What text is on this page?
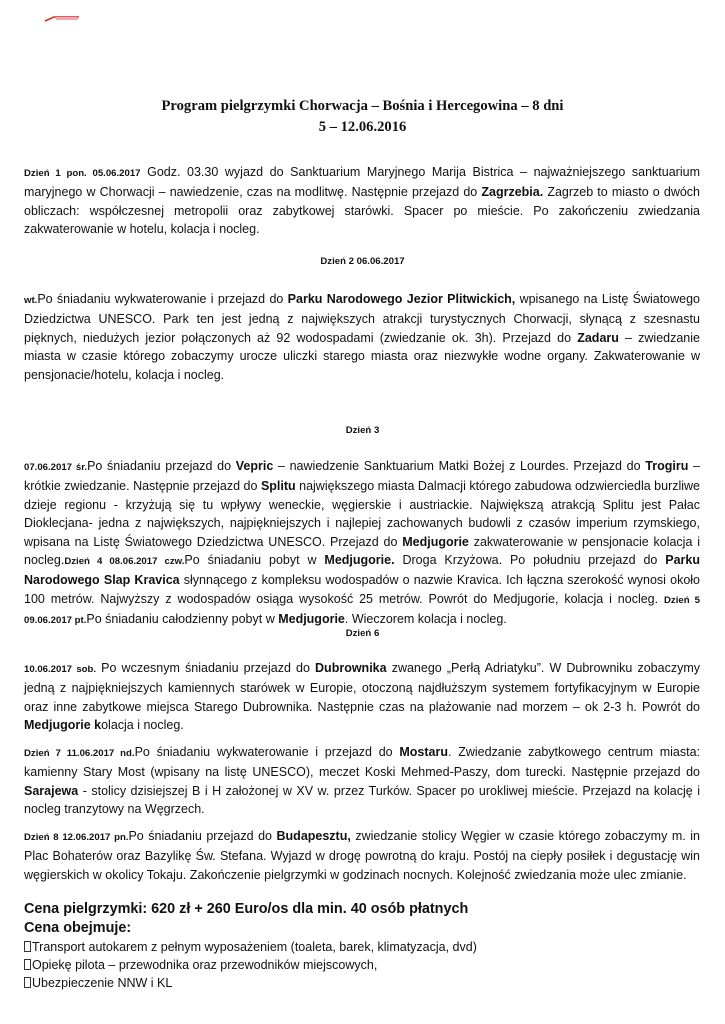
Program pielgrzymki Chorwacja – Bośnia i Hercegowina – 8 dni
5 – 12.06.2016

Dzień 1 pon. 05.06.2017 Godz. 03.30 wyjazd do Sanktuarium Maryjnego Marija Bistrica – najważniejszego sanktuarium maryjnego w Chorwacji – nawiedzenie, czas na modlitwę. Następnie przejazd do Zagrzebia. Zagrzeb to miasto o dwóch obliczach: współczesnej metropolii oraz zabytkowej starówki. Spacer po mieście. Po zakończeniu zwiedzania zakwaterowanie w hotelu, kolacja i nocleg.

Dzień 2 06.06.2017

wt.Po śniadaniu wykwaterowanie i przejazd do Parku Narodowego Jezior Plitwickich, wpisanego na Listę Światowego Dziedzictwa UNESCO. Park ten jest jedną z największych atrakcji turystycznych Chorwacji, słynącą z szesnastu pięknych, niedużych jezior połączonych aż 92 wodospadami (zwiedzanie ok. 3h). Przejazd do Zadaru – zwiedzanie miasta w czasie którego zobaczymy urocze uliczki starego miasta oraz niezwykłe wodne organy. Zakwaterowanie w pensjonacie/hotelu, kolacja i nocleg.

Dzień 3

07.06.2017 śr.Po śniadaniu przejazd do Vepric – nawiedzenie Sanktuarium Matki Bożej z Lourdes. Przejazd do Trogiru – krótkie zwiedzanie. Następnie przejazd do Splitu największego miasta Dalmacji którego zabudowa odzwierciedla burzliwe dzieje regionu - krzyżują się tu wpływy weneckie, węgierskie i austriackie. Największą atrakcją Splitu jest Pałac Dioklecjana- jedna z największych, najpiękniejszych i najlepiej zachowanych budowli z czasów imperium rzymskiego, wpisana na Listę Światowego Dziedzictwa UNESCO. Przejazd do Medjugorie zakwaterowanie w pensjonacie kolacja i nocleg.Dzień 4 08.06.2017 czw.Po śniadaniu pobyt w Medjugorie. Droga Krzyżowa. Po południu przejazd do Parku Narodowego Slap Kravica słynnącego z kompleksu wodospadów o nazwie Kravica. Ich łączna szerokość wynosi około 100 metrów. Najwyższy z wodospadów osiąga wysokość 25 metrów. Powrót do Medjugorie, kolacja i nocleg. Dzień 5 09.06.2017 pt.Po śniadaniu całodzienny pobyt w Medjugorie. Wieczorem kolacja i nocleg.

Dzień 6

10.06.2017 sob. Po wczesnym śniadaniu przejazd do Dubrownika zwanego „Perłą Adriatyku”. W Dubrowniku zobaczymy jedną z najpiękniejszych kamiennych starówek w Europie, otoczoną najdłuższym systemem fortyfikacyjnym w Europie oraz inne zabytkowe miejsca Starego Dubrownika. Następnie czas na plażowanie nad morzem – ok 2-3 h. Powrót do Medjugorie kolacja i nocleg.

Dzień 7 11.06.2017 nd.Po śniadaniu wykwaterowanie i przejazd do Mostaru. Zwiedzanie zabytkowego centrum miasta: kamienny Stary Most (wpisany na listę UNESCO), meczet Koski Mehmed-Paszy, dom turecki. Następnie przejazd do Sarajewa - stolicy dzisiejszej B i H założonej w XV w. przez Turków. Spacer po urokliwej mieście. Przejazd na kolację i nocleg tranzytowy na Węgrzech.

Dzień 8 12.06.2017 pn.Po śniadaniu przejazd do Budapesztu, zwiedzanie stolicy Węgier w czasie którego zobaczymy m. in Plac Bohaterów oraz Bazylikę Św. Stefana. Wyjazd w drogę powrotną do kraju. Postój na ciepły posiłek i degustację win węgierskich w okolicy Tokaju. Zakończenie pielgrzymki w godzinach nocnych. Kolejność zwiedzania może ulec zmianie.

Cena pielgrzymki: 620 zł + 260 Euro/os dla min. 40 osób płatnych
Cena obejmuje:
Transport autokarem z pełnym wyposażeniem (toaleta, barek, klimatyzacja, dvd)
Opiekę pilota – przewodnika oraz przewodników miejscowych,
Ubezpieczenie NNW i KL
